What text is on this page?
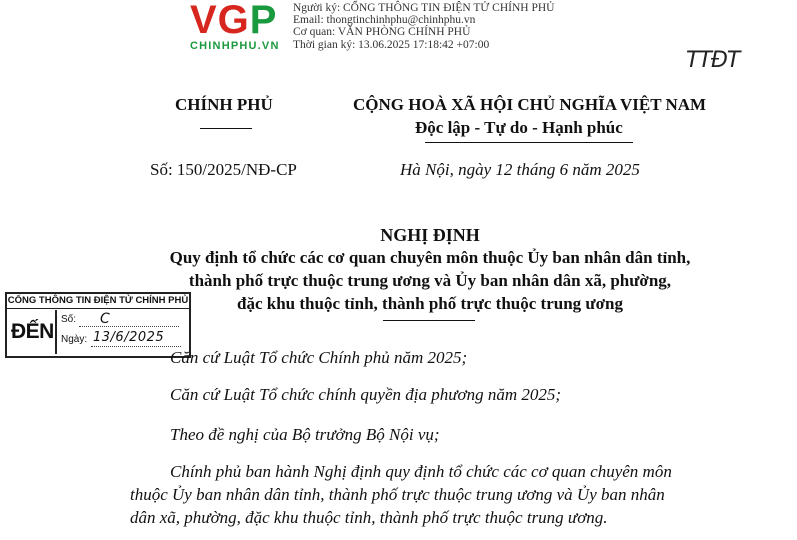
VGP
CHINHPHU.VN
Người ký: CỔNG THÔNG TIN ĐIỆN TỬ CHÍNH PHỦ
Email: thongtinchinhphu@chinhphu.vn
Cơ quan: VĂN PHÒNG CHÍNH PHỦ
Thời gian ký: 13.06.2025 17:18:42 +07:00
TTĐT
CHÍNH PHỦ	CỘNG HOÀ XÃ HỘI CHỦ NGHĨA VIỆT NAM
Độc lập - Tự do - Hạnh phúc
Số: 150/2025/NĐ-CP	Hà Nội, ngày 12 tháng 6 năm 2025
NGHỊ ĐỊNH
Quy định tổ chức các cơ quan chuyên môn thuộc Ủy ban nhân dân tỉnh,
thành phố trực thuộc trung ương và Ủy ban nhân dân xã, phường,
đặc khu thuộc tỉnh, thành phố trực thuộc trung ương
CỔNG THÔNG TIN ĐIỆN TỬ CHÍNH PHỦ
ĐẾN
Số: C
Ngày: 13/6/2025
Căn cứ Luật Tổ chức Chính phủ năm 2025;
Căn cứ Luật Tổ chức chính quyền địa phương năm 2025;
Theo đề nghị của Bộ trưởng Bộ Nội vụ;
Chính phủ ban hành Nghị định quy định tổ chức các cơ quan chuyên môn
thuộc Ủy ban nhân dân tỉnh, thành phố trực thuộc trung ương và Ủy ban nhân
dân xã, phường, đặc khu thuộc tỉnh, thành phố trực thuộc trung ương.
